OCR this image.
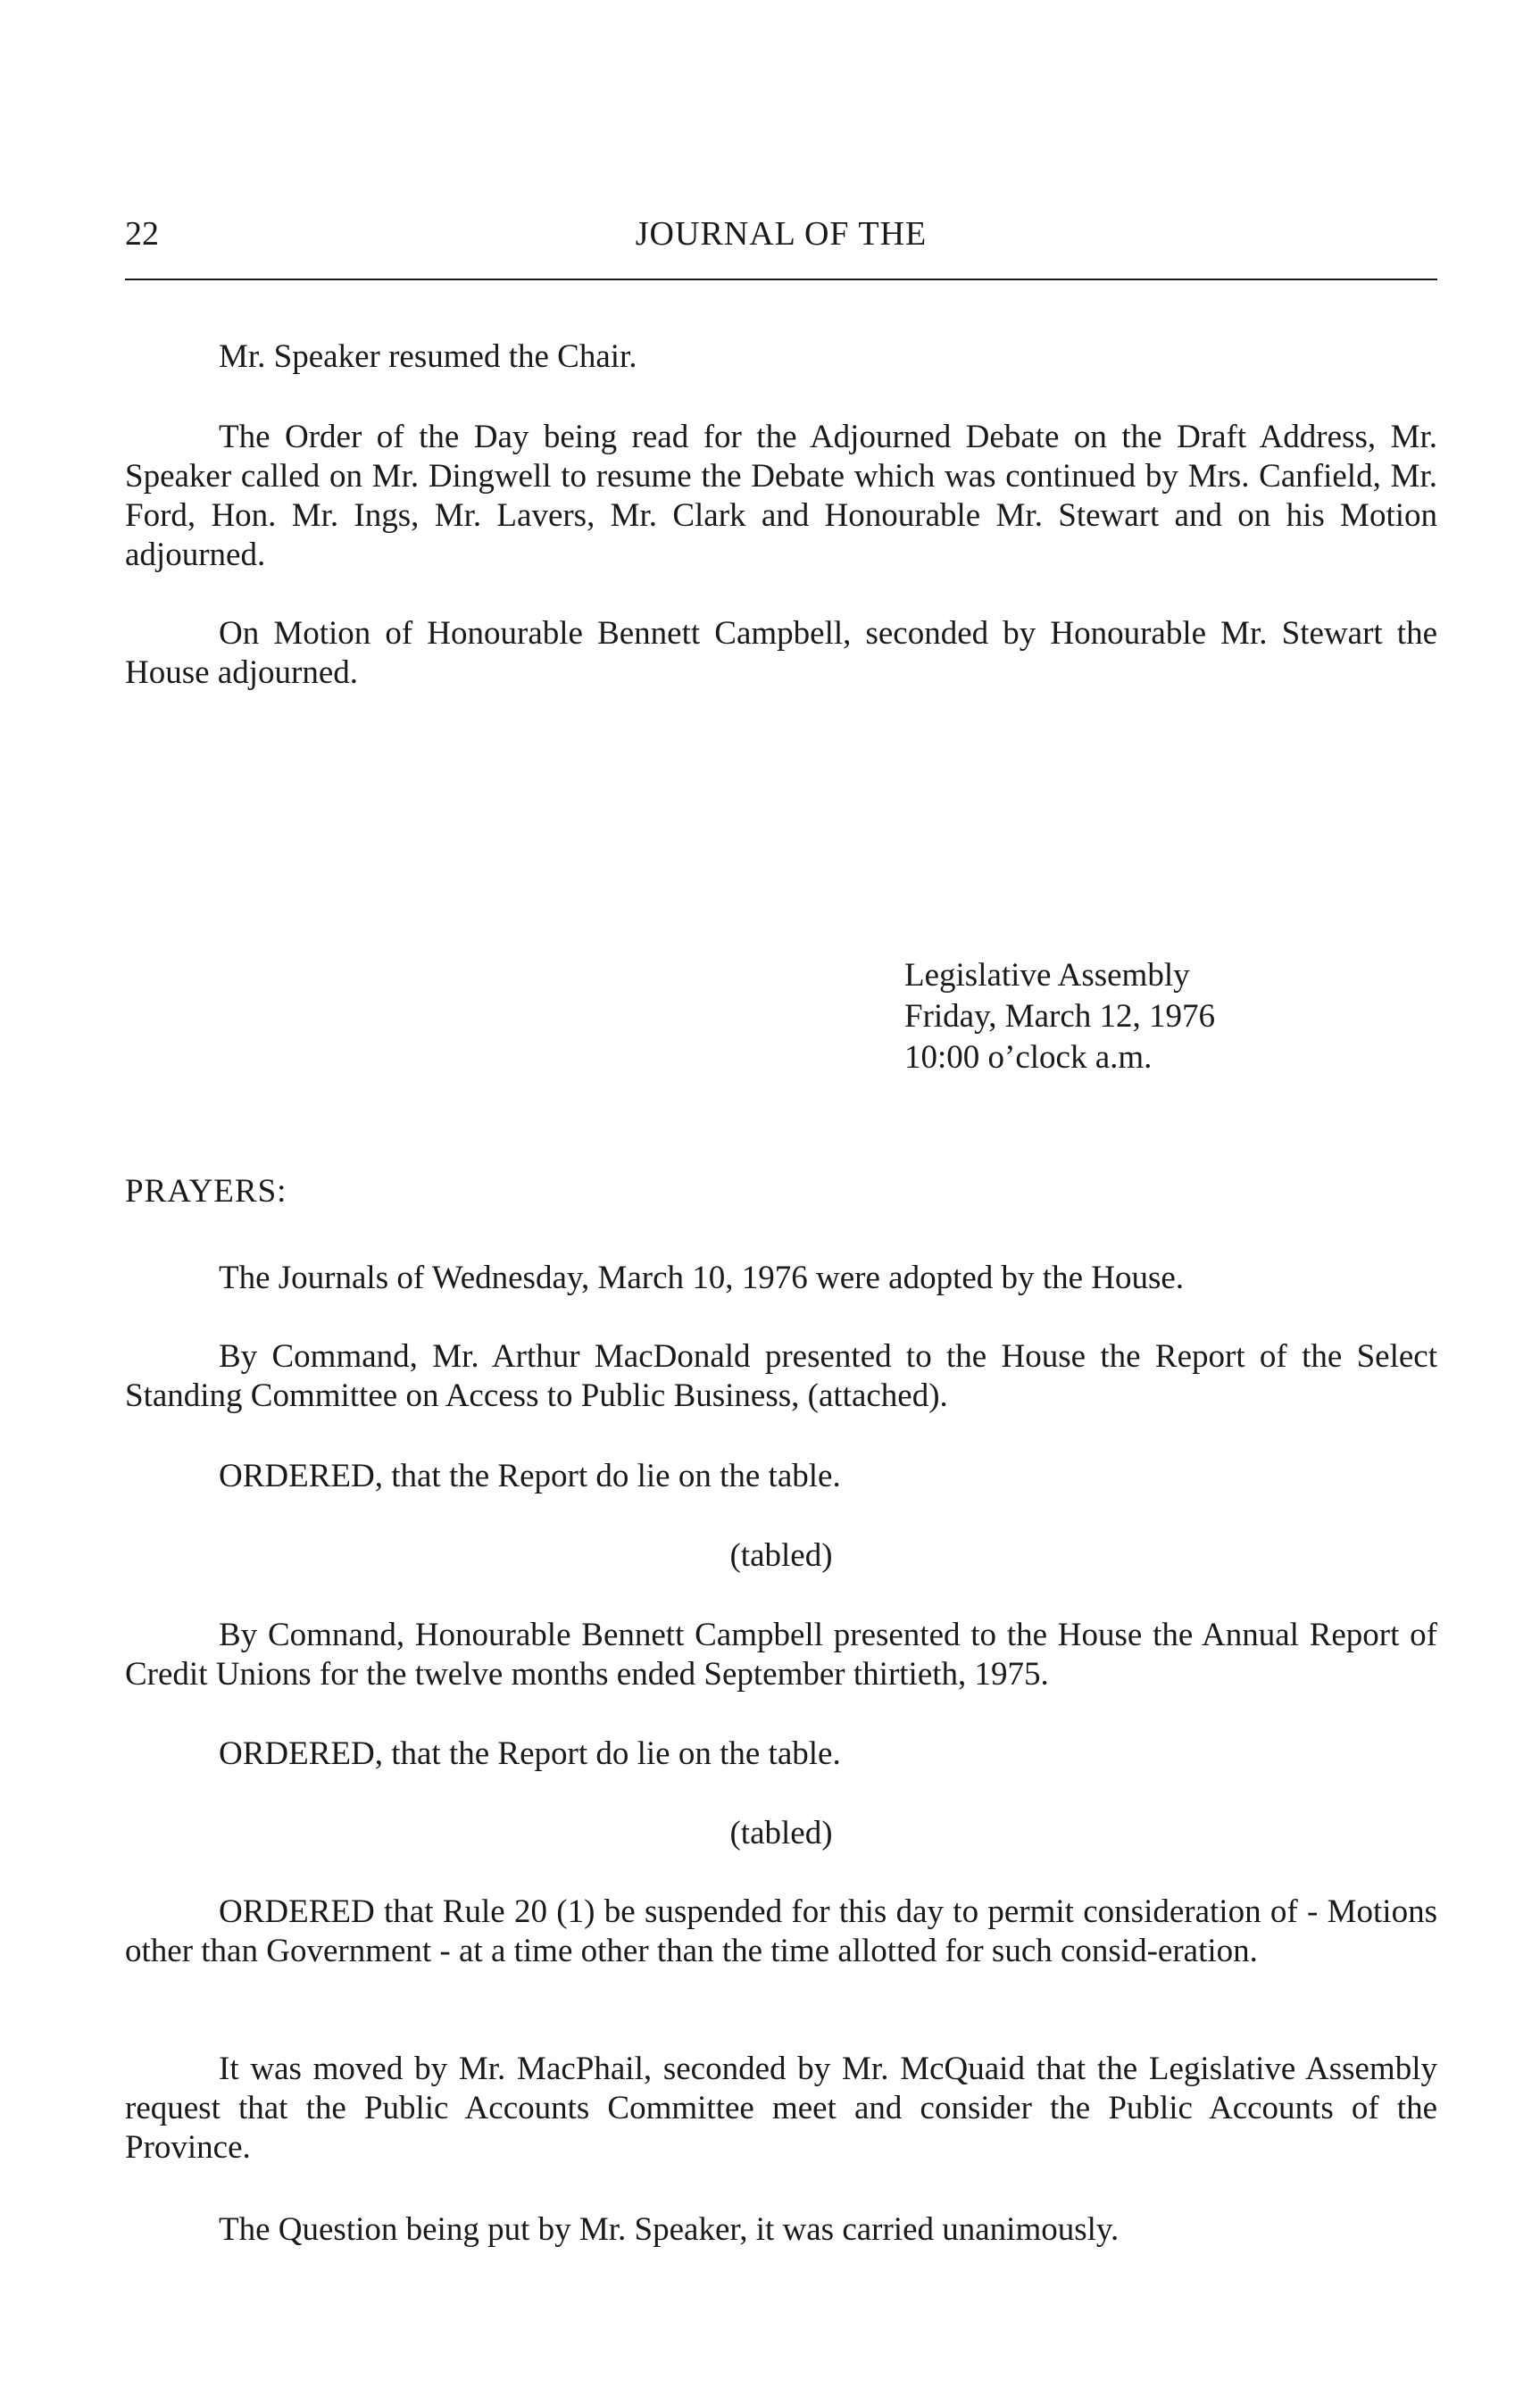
22	JOURNAL OF THE
Mr. Speaker resumed the Chair.
The Order of the Day being read for the Adjourned Debate on the Draft Address, Mr. Speaker called on Mr. Dingwell to resume the Debate which was continued by Mrs. Canfield, Mr. Ford, Hon. Mr. Ings, Mr. Lavers, Mr. Clark and Honourable Mr. Stewart and on his Motion adjourned.
On Motion of Honourable Bennett Campbell, seconded by Honourable Mr. Stewart the House adjourned.
Legislative Assembly
Friday, March 12, 1976
10:00 o’clock a.m.
PRAYERS:
The Journals of Wednesday, March 10, 1976 were adopted by the House.
By Command, Mr. Arthur MacDonald presented to the House the Report of the Select Standing Committee on Access to Public Business, (attached).
ORDERED, that the Report do lie on the table.
(tabled)
By Comnand, Honourable Bennett Campbell presented to the House the Annual Report of Credit Unions for the twelve months ended September thirtieth, 1975.
ORDERED, that the Report do lie on the table.
(tabled)
ORDERED that Rule 20 (1) be suspended for this day to permit consideration of - Motions other than Government - at a time other than the time allotted for such consid-eration.
It was moved by Mr. MacPhail, seconded by Mr. McQuaid that the Legislative Assembly request that the Public Accounts Committee meet and consider the Public Accounts of the Province.
The Question being put by Mr. Speaker, it was carried unanimously.
